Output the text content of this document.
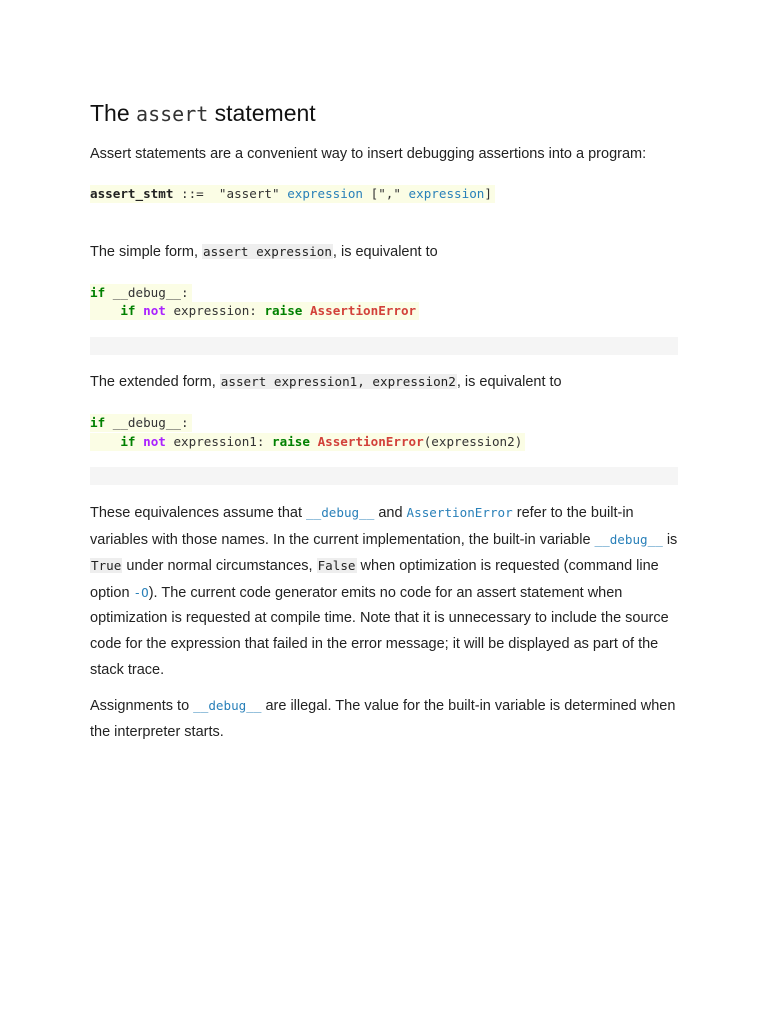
The assert statement

Assert statements are a convenient way to insert debugging assertions into a program:

assert_stmt ::= "assert" expression ["," expression]

The simple form, assert expression, is equivalent to

if __debug__:
if not expression: raise AssertionError

The extended form, assert expression1, expression2, is equivalent to

if __debug__:
if not expression1: raise AssertionError(expression2)

These equivalences assume that __debug__ and AssertionError refer to the built-in variables with those names. In the current implementation, the built-in variable __debug__ is True under normal circumstances, False when optimization is requested (command line option -O). The current code generator emits no code for an assert statement when optimization is requested at compile time. Note that it is unnecessary to include the source code for the expression that failed in the error message; it will be displayed as part of the stack trace.

Assignments to __debug__ are illegal. The value for the built-in variable is determined when the interpreter starts.
